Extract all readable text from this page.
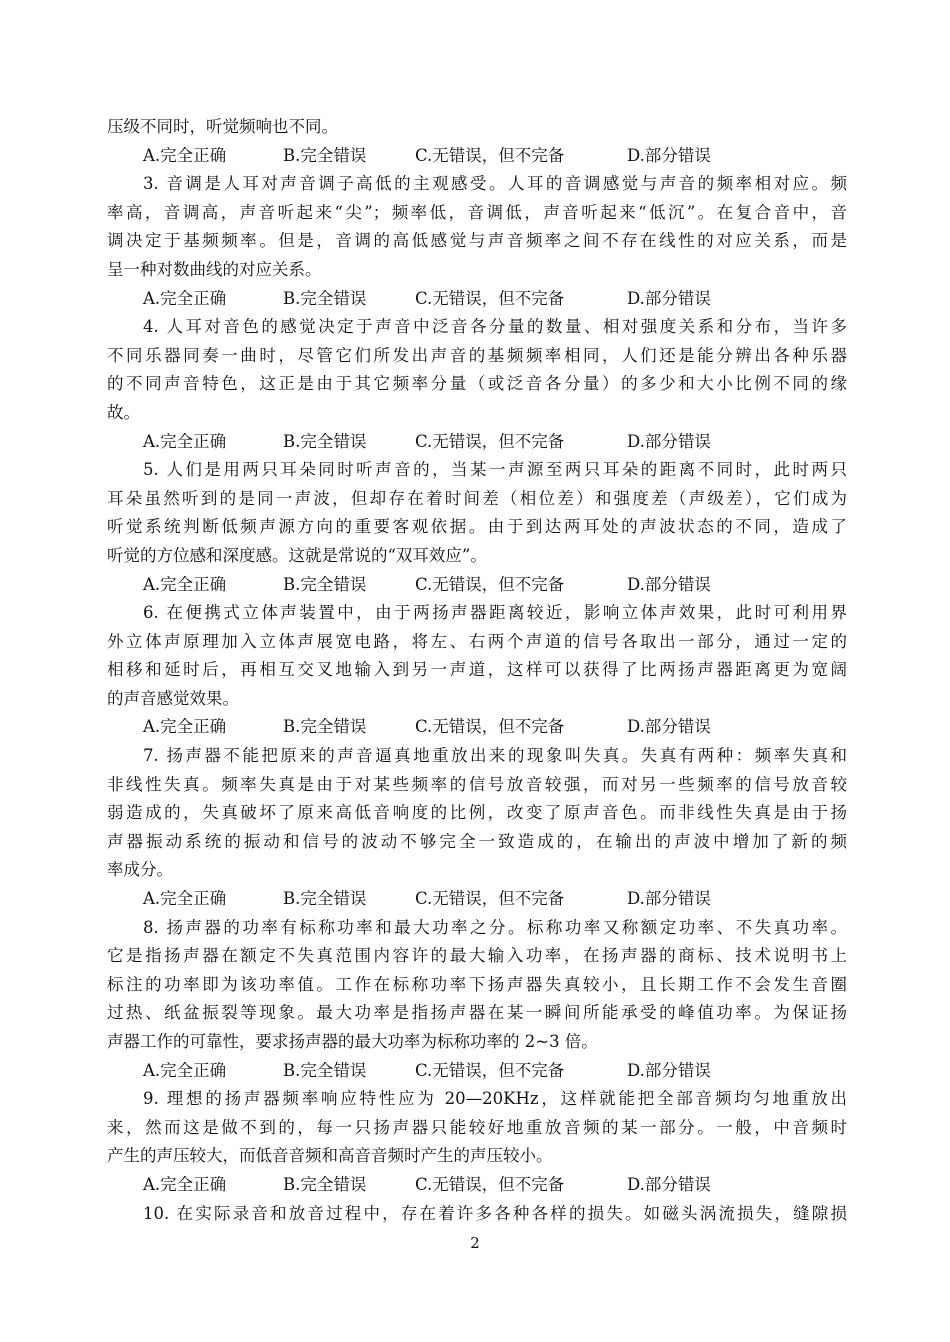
压级不同时，听觉频响也不同。
A.完全正确	B.完全错误	C.无错误，但不完备	D.部分错误
3. 音调是人耳对声音调子高低的主观感受。人耳的音调感觉与声音的频率相对应。频
率高，音调高，声音听起来“尖”；频率低，音调低，声音听起来“低沉”。在复合音中，音
调决定于基频频率。但是，音调的高低感觉与声音频率之间不存在线性的对应关系，而是
呈一种对数曲线的对应关系。
A.完全正确	B.完全错误	C.无错误，但不完备	D.部分错误
4. 人耳对音色的感觉决定于声音中泛音各分量的数量、相对强度关系和分布，当许多
不同乐器同奏一曲时，尽管它们所发出声音的基频频率相同，人们还是能分辨出各种乐器
的不同声音特色，这正是由于其它频率分量（或泛音各分量）的多少和大小比例不同的缘
故。
A.完全正确	B.完全错误	C.无错误，但不完备	D.部分错误
5. 人们是用两只耳朵同时听声音的，当某一声源至两只耳朵的距离不同时，此时两只
耳朵虽然听到的是同一声波，但却存在着时间差（相位差）和强度差（声级差），它们成为
听觉系统判断低频声源方向的重要客观依据。由于到达两耳处的声波状态的不同，造成了
听觉的方位感和深度感。这就是常说的“双耳效应”。
A.完全正确	B.完全错误	C.无错误，但不完备	D.部分错误
6. 在便携式立体声装置中，由于两扬声器距离较近，影响立体声效果，此时可利用界
外立体声原理加入立体声展宽电路，将左、右两个声道的信号各取出一部分，通过一定的
相移和延时后，再相互交叉地输入到另一声道，这样可以获得了比两扬声器距离更为宽阔
的声音感觉效果。
A.完全正确	B.完全错误	C.无错误，但不完备	D.部分错误
7. 扬声器不能把原来的声音逼真地重放出来的现象叫失真。失真有两种：频率失真和
非线性失真。频率失真是由于对某些频率的信号放音较强，而对另一些频率的信号放音较
弱造成的，失真破坏了原来高低音响度的比例，改变了原声音色。而非线性失真是由于扬
声器振动系统的振动和信号的波动不够完全一致造成的，在输出的声波中增加了新的频
率成分。
A.完全正确	B.完全错误	C.无错误，但不完备	D.部分错误
8. 扬声器的功率有标称功率和最大功率之分。标称功率又称额定功率、不失真功率。
它是指扬声器在额定不失真范围内容许的最大输入功率，在扬声器的商标、技术说明书上
标注的功率即为该功率值。工作在标称功率下扬声器失真较小，且长期工作不会发生音圈
过热、纸盆振裂等现象。最大功率是指扬声器在某一瞬间所能承受的峰值功率。为保证扬
声器工作的可靠性，要求扬声器的最大功率为标称功率的 2~3 倍。
A.完全正确	B.完全错误	C.无错误，但不完备	D.部分错误
9. 理想的扬声器频率响应特性应为 20—20KHz，这样就能把全部音频均匀地重放出
来，然而这是做不到的，每一只扬声器只能较好地重放音频的某一部分。一般，中音频时
产生的声压较大，而低音音频和高音音频时产生的声压较小。
A.完全正确	B.完全错误	C.无错误，但不完备	D.部分错误
10. 在实际录音和放音过程中，存在着许多各种各样的损失。如磁头涡流损失，缝隙损
2
